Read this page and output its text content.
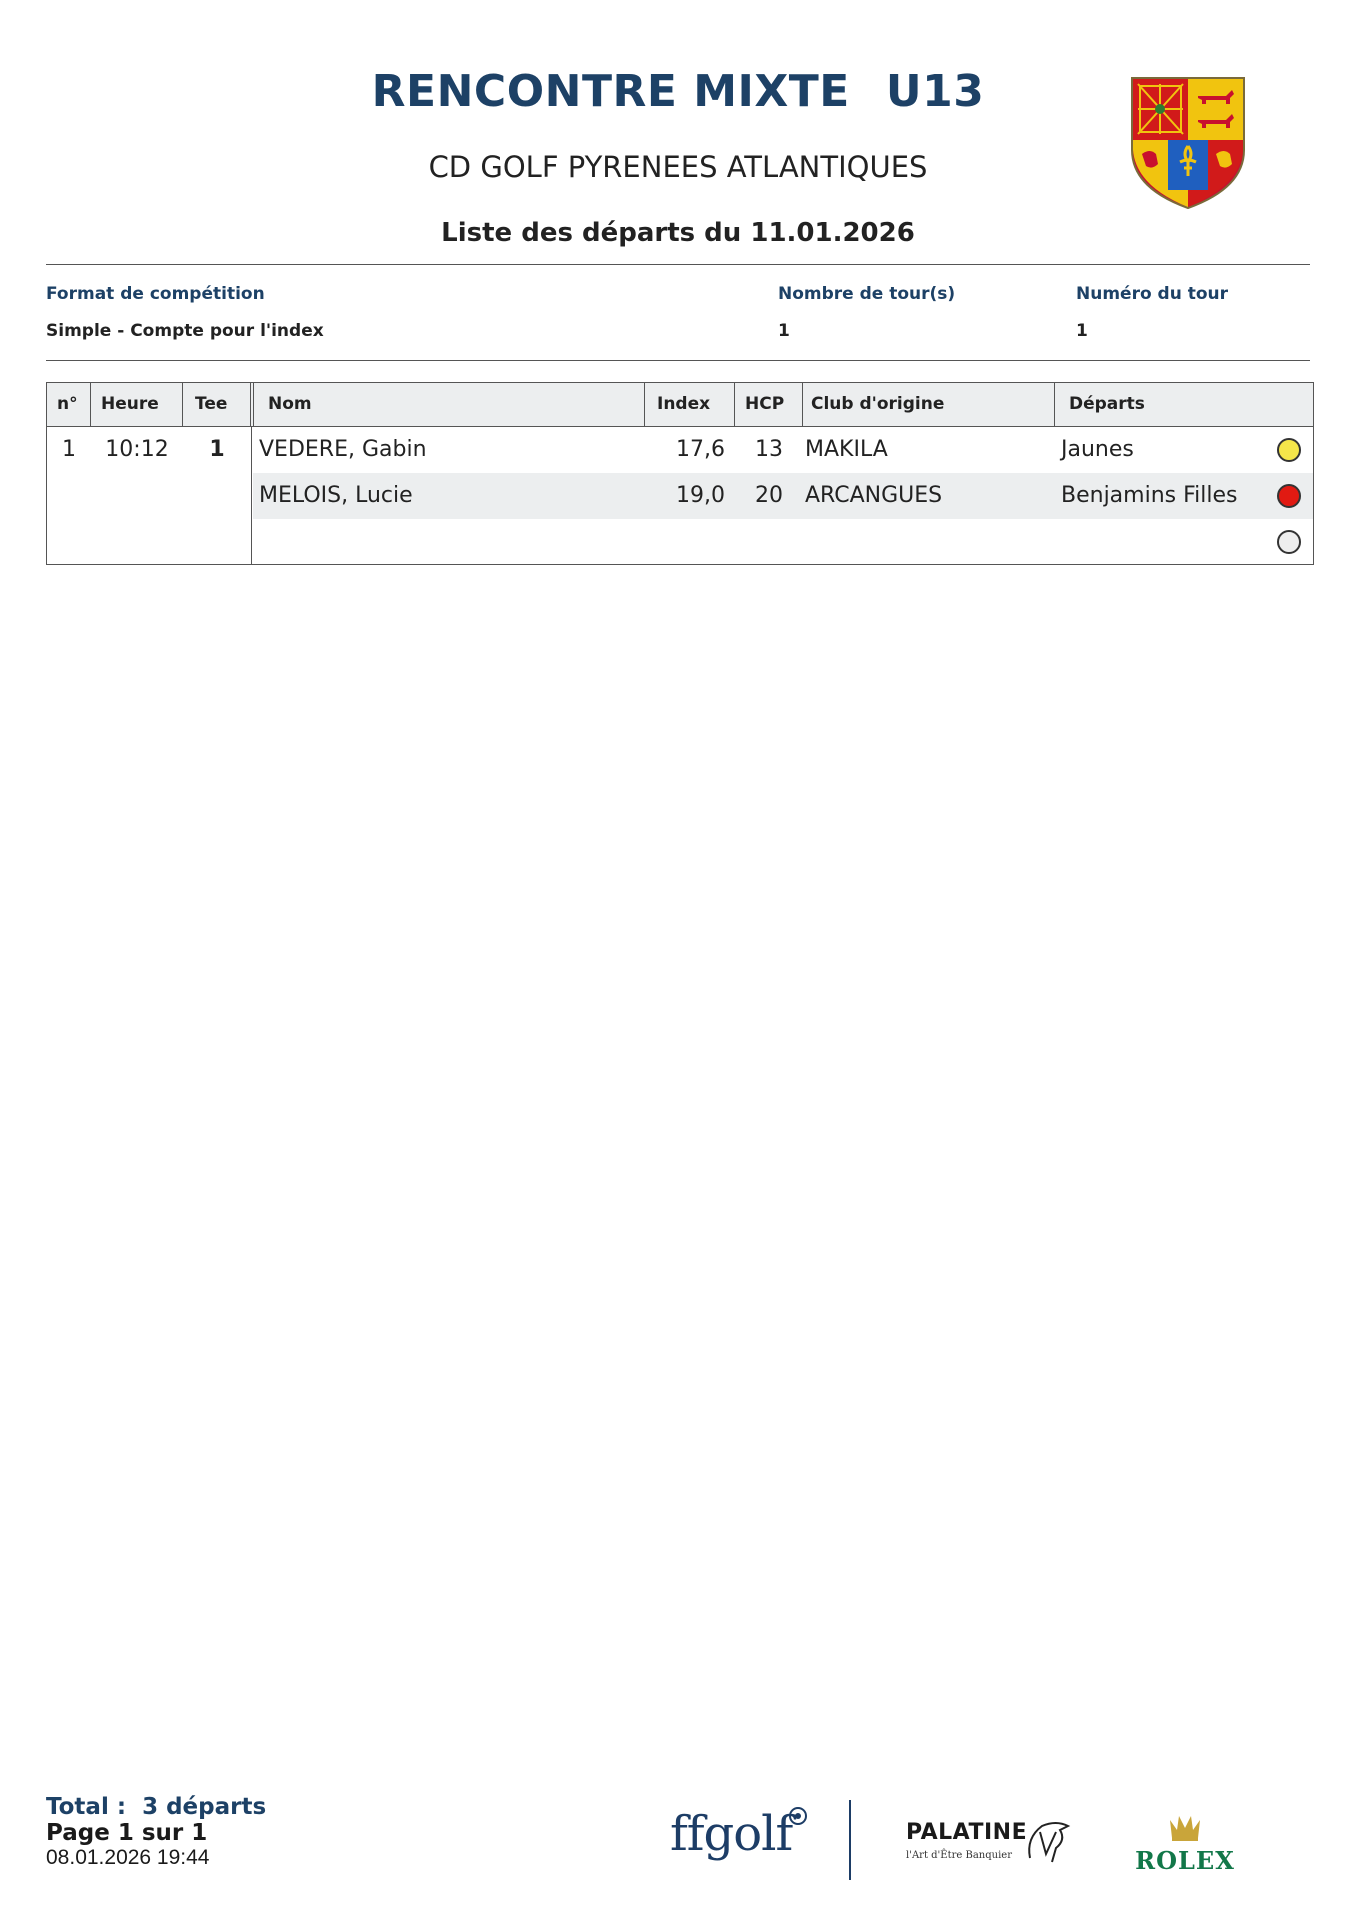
RENCONTRE MIXTE U13
CD GOLF PYRENEES ATLANTIQUES
Liste des départs du 11.01.2026
Format de compétition
Simple - Compte pour l'index
Nombre de tour(s)
1
Numéro du tour
1
n°	Heure	Tee	Nom	Index	HCP	Club d'origine	Départs
1	10:12	1	VEDERE, Gabin	17,6	13 MAKILA	Jaunes
MELOIS, Lucie	19,0	20 ARCANGUES	Benjamins Filles
Total : 3 départs
Page 1 sur 1
08.01.2026 19:44	ffgolf	PALATINE
l'Art d'Être Banquier	ROLEX
